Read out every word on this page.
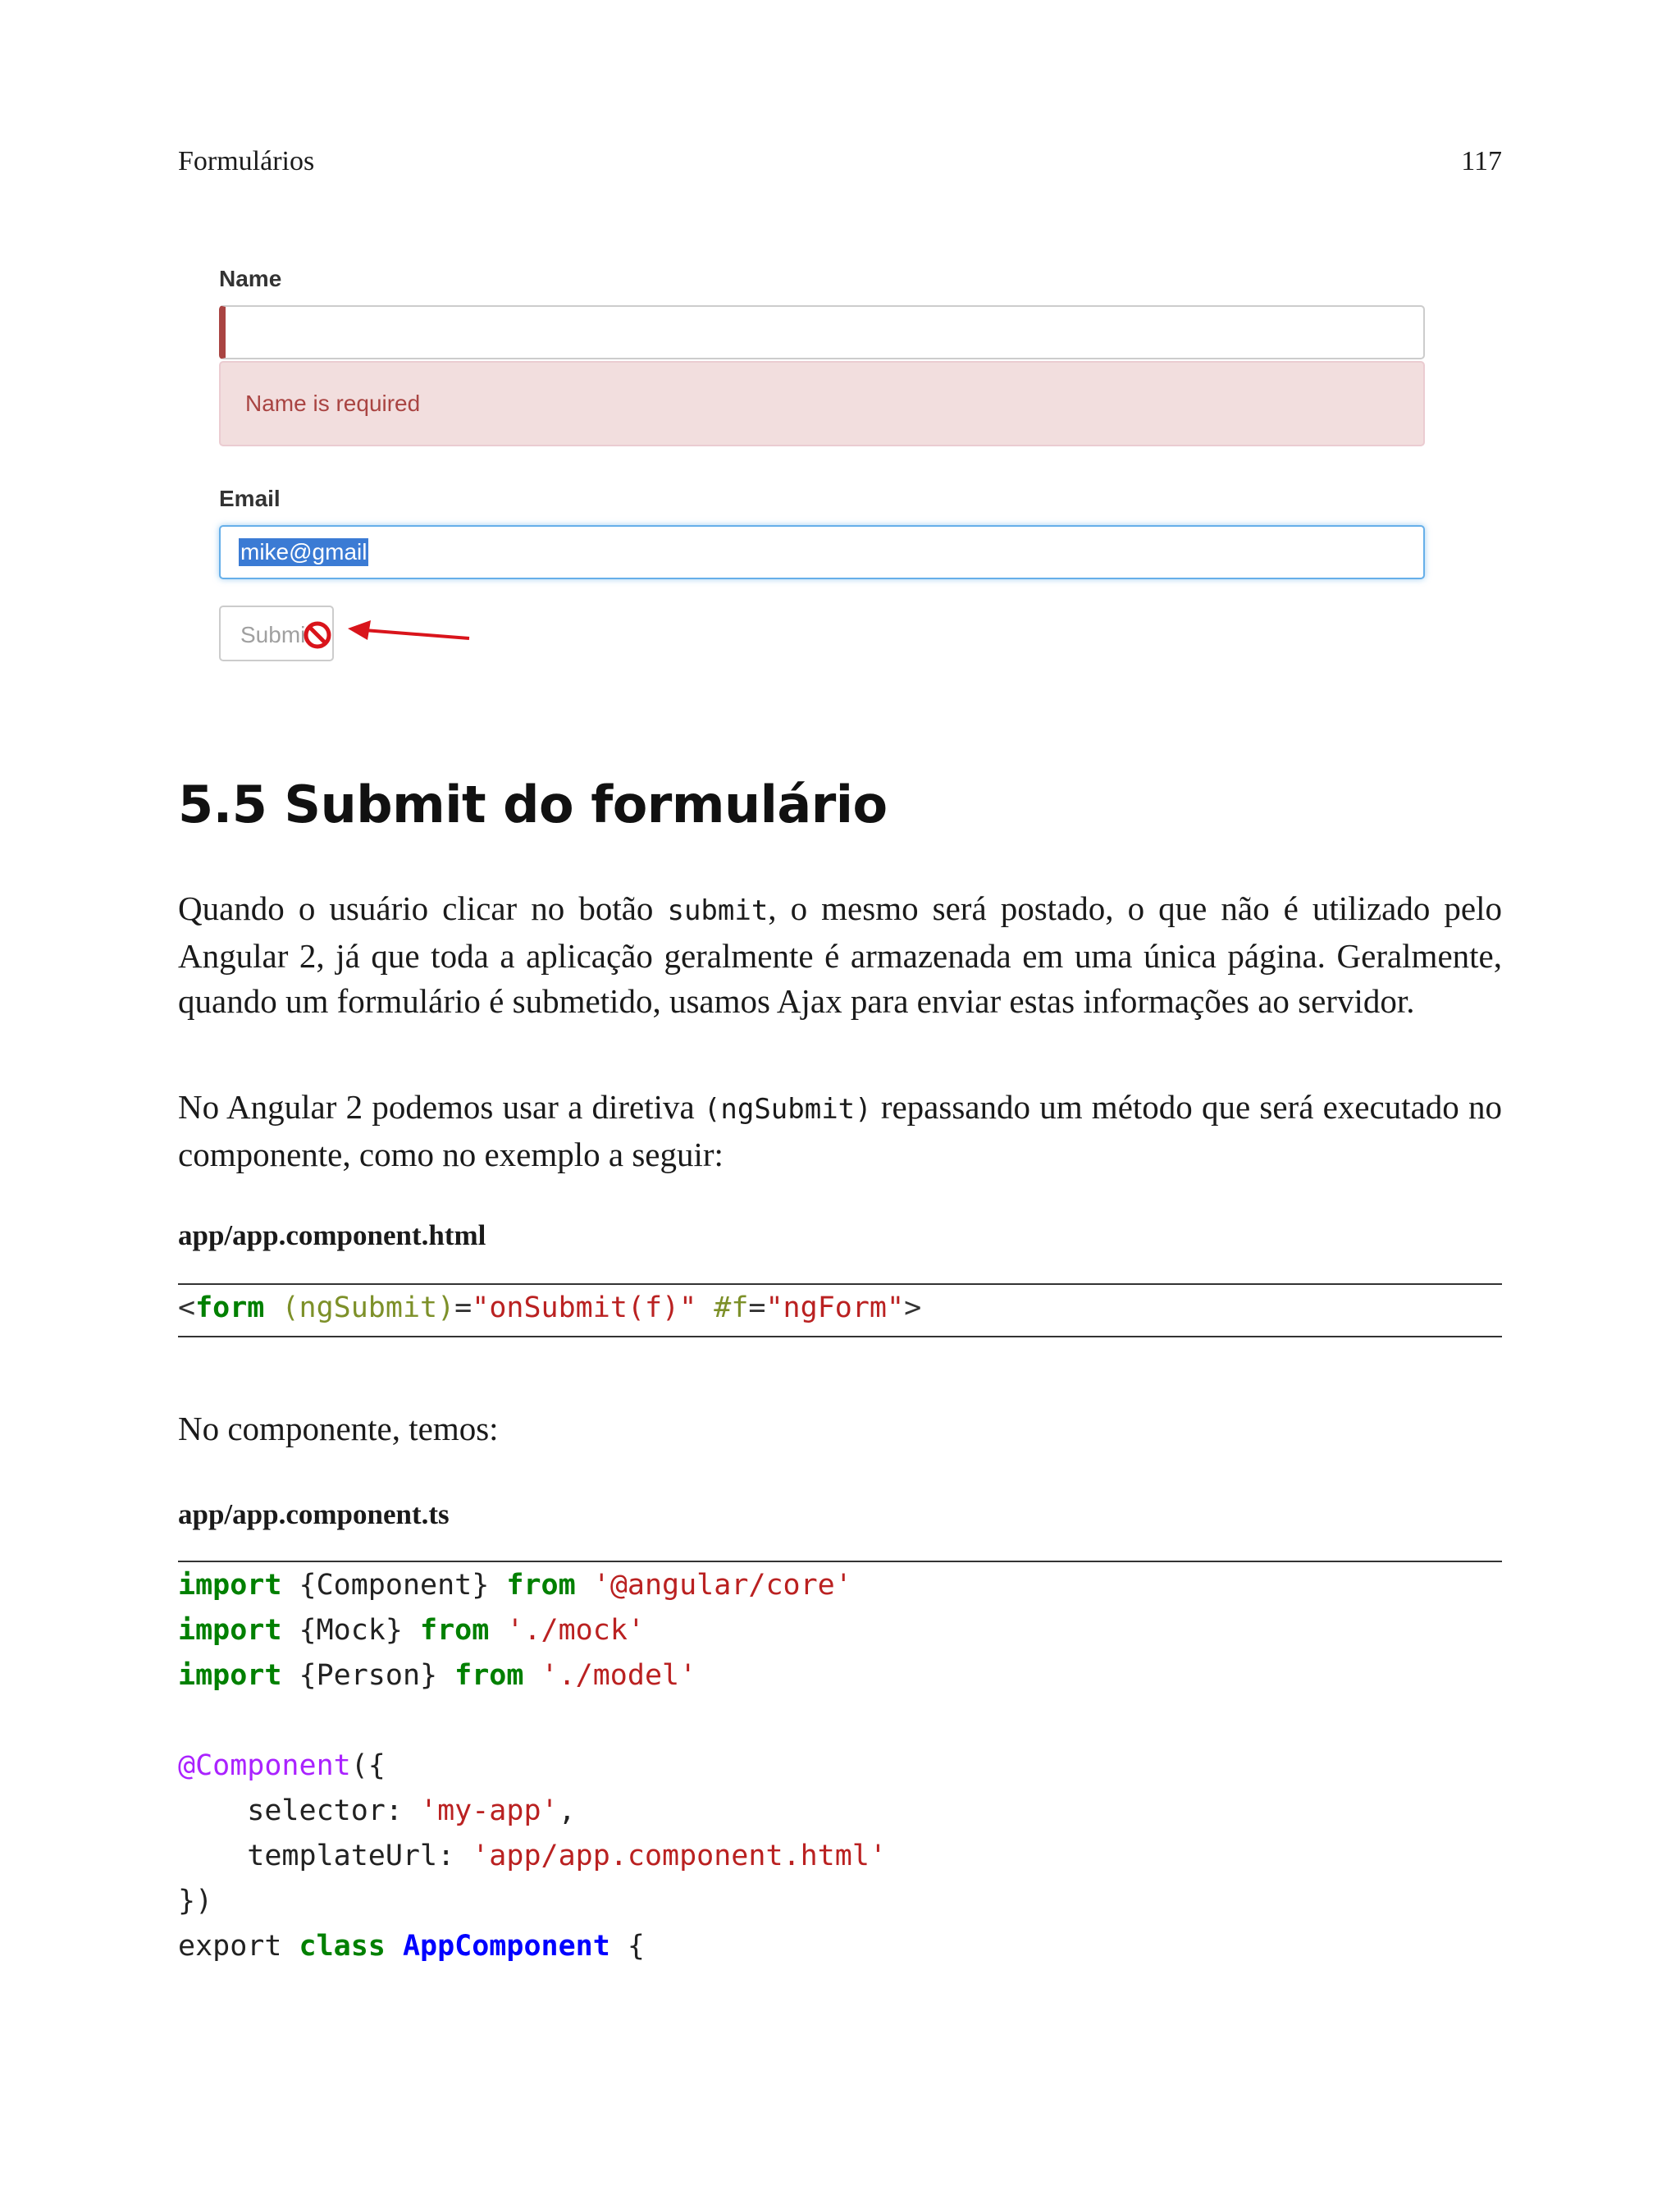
Formulários	117
Name
Name is required
Email
mike@gmail
Submi
5.5 Submit do formulário
Quando o usuário clicar no botão submit, o mesmo será postado, o que não é utilizado pelo Angular 2, já que toda a aplicação geralmente é armazenada em uma única página. Geralmente, quando um formulário é submetido, usamos Ajax para enviar estas informações ao servidor.
No Angular 2 podemos usar a diretiva (ngSubmit) repassando um método que será executado no componente, como no exemplo a seguir:
app/app.component.html
<form (ngSubmit)="onSubmit(f)" #f="ngForm">
No componente, temos:
app/app.component.ts
import {Component} from '@angular/core'
import {Mock} from './mock'
import {Person} from './model'

@Component({
selector: 'my-app',
templateUrl: 'app/app.component.html'
})
export class AppComponent {
